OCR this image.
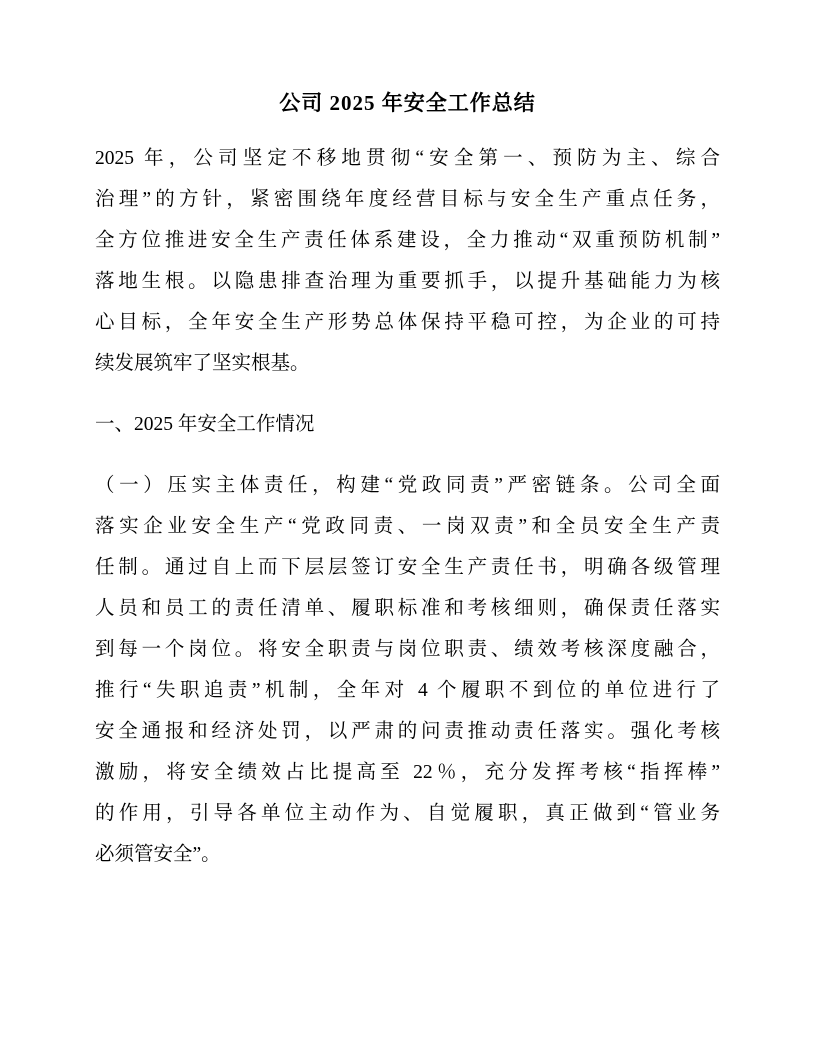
公司 2025 年安全工作总结

2025 年，公司坚定不移地贯彻“安全第一、预防为主、综合
治理”的方针，紧密围绕年度经营目标与安全生产重点任务，
全方位推进安全生产责任体系建设，全力推动“双重预防机制”
落地生根。以隐患排查治理为重要抓手，以提升基础能力为核
心目标，全年安全生产形势总体保持平稳可控，为企业的可持
续发展筑牢了坚实根基。

一、2025 年安全工作情况

（一）压实主体责任，构建“党政同责”严密链条。公司全面
落实企业安全生产“党政同责、一岗双责”和全员安全生产责
任制。通过自上而下层层签订安全生产责任书，明确各级管理
人员和员工的责任清单、履职标准和考核细则，确保责任落实
到每一个岗位。将安全职责与岗位职责、绩效考核深度融合，
推行“失职追责”机制，全年对 4 个履职不到位的单位进行了
安全通报和经济处罚，以严肃的问责推动责任落实。强化考核
激励，将安全绩效占比提高至 22％，充分发挥考核“指挥棒”
的作用，引导各单位主动作为、自觉履职，真正做到“管业务
必须管安全”。
